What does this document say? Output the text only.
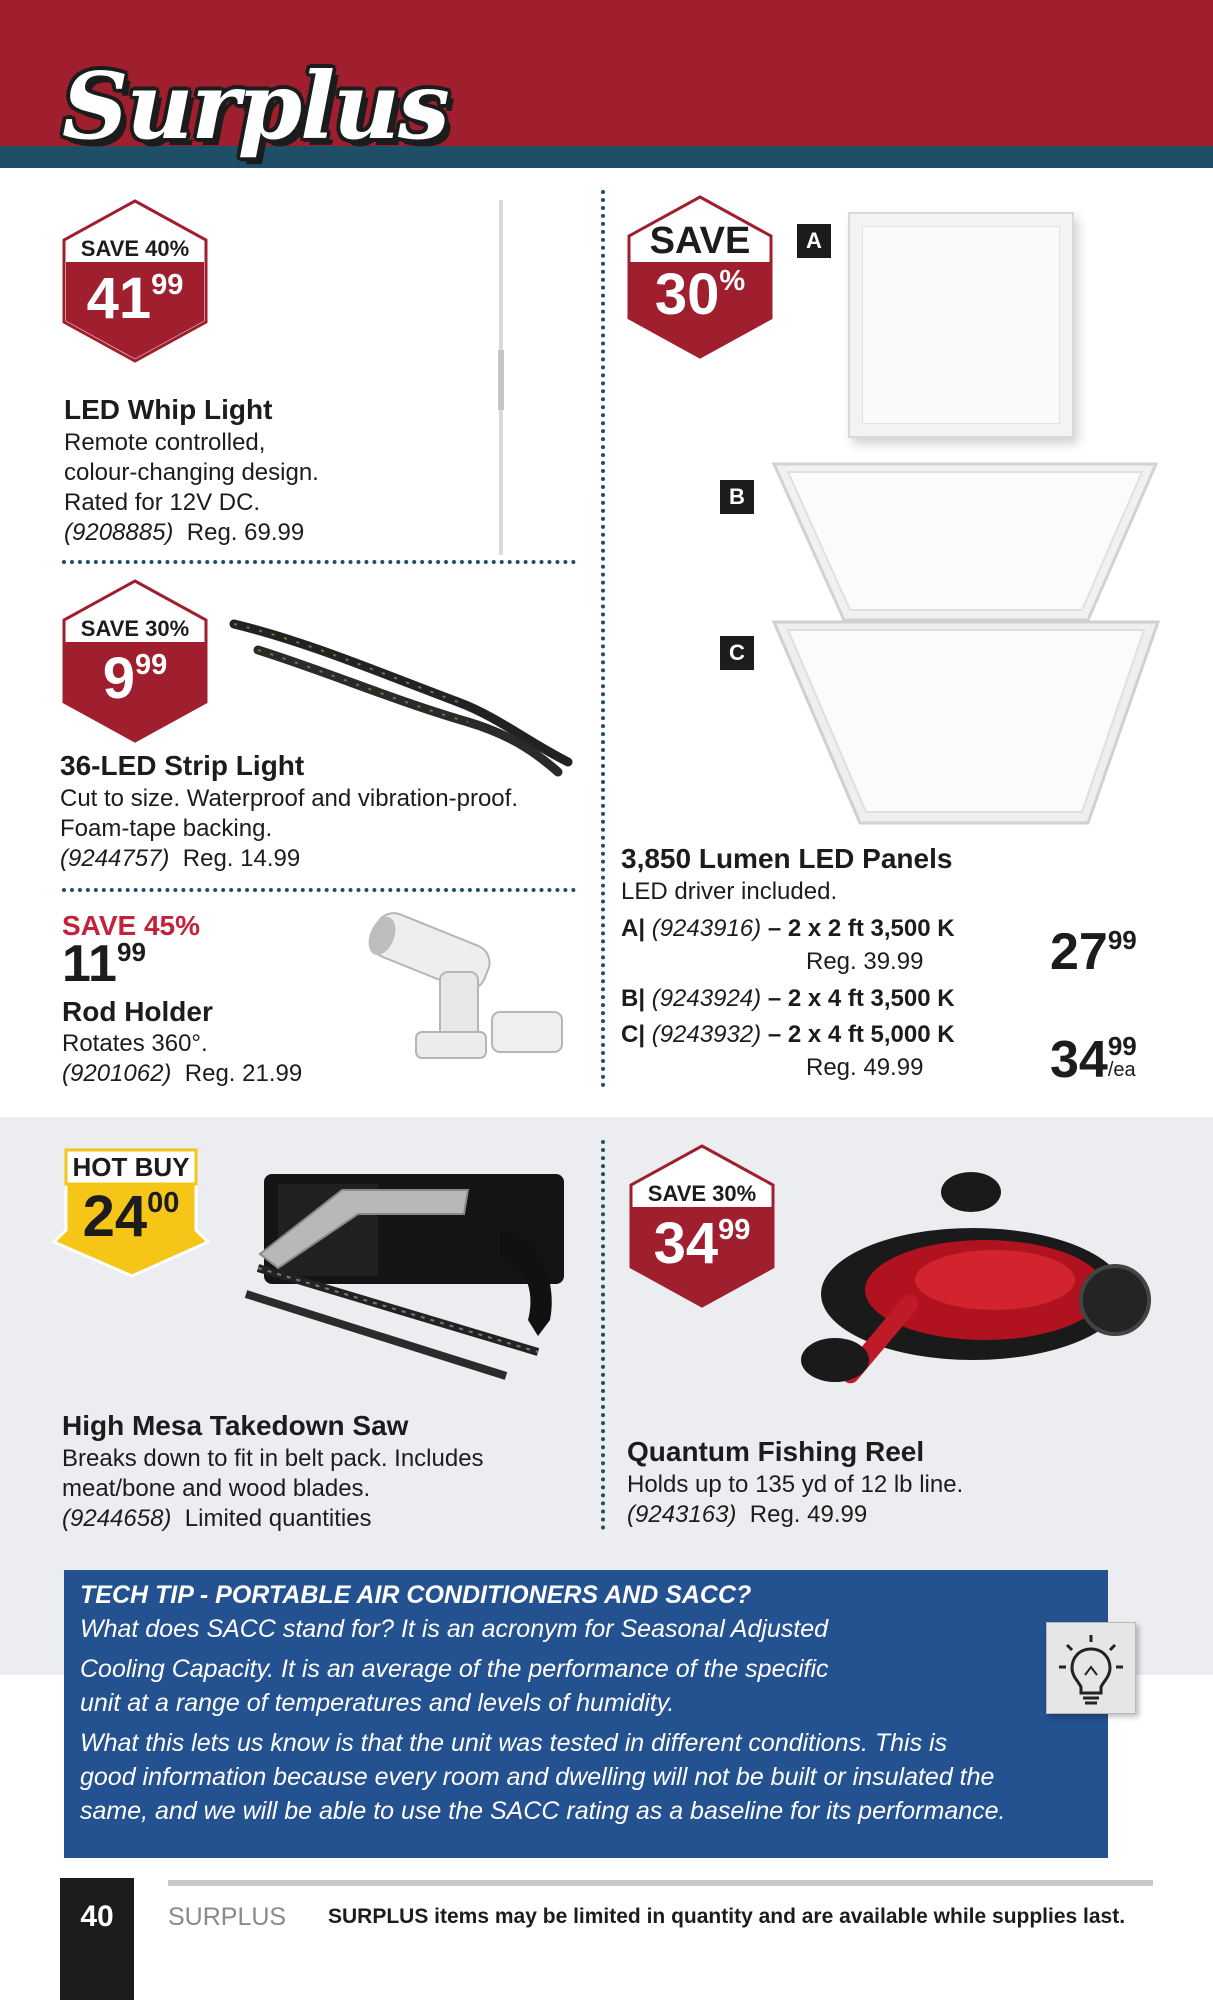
Surplus
SAVE 40%
$41^{99}$
LED Whip Light
Remote controlled,
colour-changing design.
Rated for 12V DC.
(9208885) Reg. 69.99
SAVE 30%
$9^{99}$
36-LED Strip Light
Cut to size. Waterproof and vibration-proof.
Foam-tape backing.
(9244757) Reg. 14.99
SAVE 45%
$11^{99}$
Rod Holder
Rotates 360°.
(9201062) Reg. 21.99
SAVE
30%
A
B
C
3,850 Lumen LED Panels
LED driver included.
A| (9243916) – 2 x 2 ft 3,500 K
Reg. 39.99 $27^{99}$
B| (9243924) – 2 x 4 ft 3,500 K
C| (9243932) – 2 x 4 ft 5,000 K
Reg. 49.99 34 99
/ea
HOT BUY
$24^{00}$
High Mesa Takedown Saw
Breaks down to fit in belt pack. Includes
meat/bone and wood blades.
(9244658) Limited quantities
SAVE 30%
$34^{99}$
Quantum Fishing Reel
Holds up to 135 yd of 12 lb line.
(9243163) Reg. 49.99
TECH TIP - PORTABLE AIR CONDITIONERS AND SACC?
What does SACC stand for? It is an acronym for Seasonal Adjusted
Cooling Capacity. It is an average of the performance of the specific
unit at a range of temperatures and levels of humidity.
What this lets us know is that the unit was tested in different conditions. This is
good information because every room and dwelling will not be built or insulated the
same, and we will be able to use the SACC rating as a baseline for its performance.
40	SURPLUS SURPLUS items may be limited in quantity and are available while supplies last.
